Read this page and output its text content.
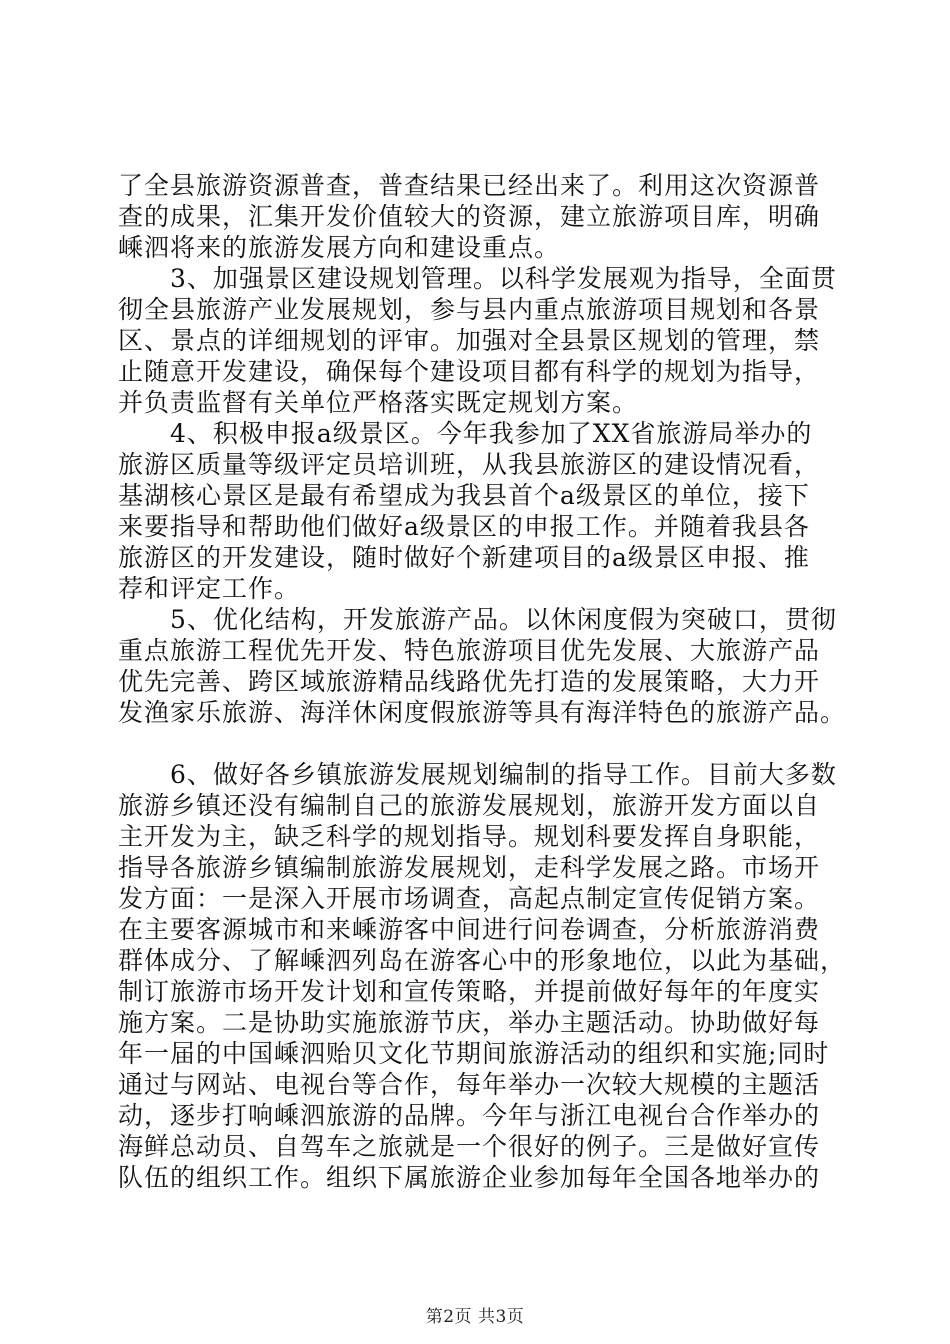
了全县旅游资源普查，普查结果已经出来了。利用这次资源普
查的成果，汇集开发价值较大的资源，建立旅游项目库，明确
嵊泗将来的旅游发展方向和建设重点。
　　3、加强景区建设规划管理。以科学发展观为指导，全面贯
彻全县旅游产业发展规划，参与县内重点旅游项目规划和各景
区、景点的详细规划的评审。加强对全县景区规划的管理，禁
止随意开发建设，确保每个建设项目都有科学的规划为指导，
并负责监督有关单位严格落实既定规划方案。
　　4、积极申报a级景区。今年我参加了XX省旅游局举办的
旅游区质量等级评定员培训班，从我县旅游区的建设情况看，
基湖核心景区是最有希望成为我县首个a级景区的单位，接下
来要指导和帮助他们做好a级景区的申报工作。并随着我县各
旅游区的开发建设，随时做好个新建项目的a级景区申报、推
荐和评定工作。
　　5、优化结构，开发旅游产品。以休闲度假为突破口，贯彻
重点旅游工程优先开发、特色旅游项目优先发展、大旅游产品
优先完善、跨区域旅游精品线路优先打造的发展策略，大力开
发渔家乐旅游、海洋休闲度假旅游等具有海洋特色的旅游产品。
　　6、做好各乡镇旅游发展规划编制的指导工作。目前大多数
旅游乡镇还没有编制自己的旅游发展规划，旅游开发方面以自
主开发为主，缺乏科学的规划指导。规划科要发挥自身职能，
指导各旅游乡镇编制旅游发展规划，走科学发展之路。市场开
发方面：一是深入开展市场调查，高起点制定宣传促销方案。
在主要客源城市和来嵊游客中间进行问卷调查，分析旅游消费
群体成分、了解嵊泗列岛在游客心中的形象地位，以此为基础，
制订旅游市场开发计划和宣传策略，并提前做好每年的年度实
施方案。二是协助实施旅游节庆，举办主题活动。协助做好每
年一届的中国嵊泗贻贝文化节期间旅游活动的组织和实施;同时
通过与网站、电视台等合作，每年举办一次较大规模的主题活
动，逐步打响嵊泗旅游的品牌。今年与浙江电视台合作举办的
海鲜总动员、自驾车之旅就是一个很好的例子。三是做好宣传
队伍的组织工作。组织下属旅游企业参加每年全国各地举办的
第2页 共3页
